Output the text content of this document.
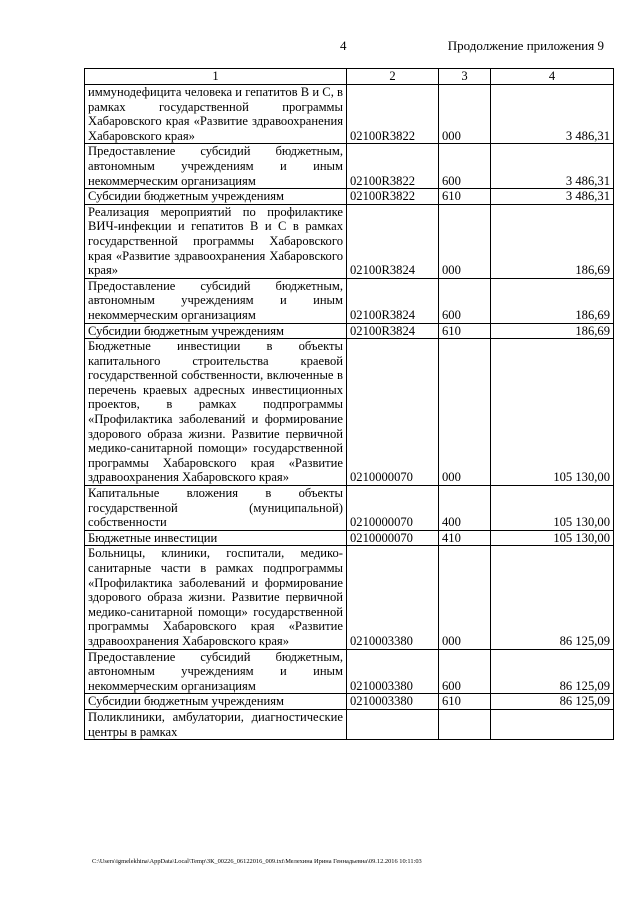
4	Продолжение приложения 9
1	2	3	4
иммунодефицита человека и гепатитов В и С, в рамках государственной программы Хабаровского края «Развитие здравоохранения Хабаровского края»	02100R3822	000	3 486,31
Предоставление субсидий бюджетным, автономным учреждениям и иным некоммерческим организациям	02100R3822	600	3 486,31
Субсидии бюджетным учреждениям	02100R3822	610	3 486,31
Реализация мероприятий по профилактике ВИЧ-инфекции и гепатитов В и С в рамках государственной программы Хабаровского края «Развитие здравоохранения Хабаровского края»	02100R3824	000	186,69
Предоставление субсидий бюджетным, автономным учреждениям и иным некоммерческим организациям	02100R3824	600	186,69
Субсидии бюджетным учреждениям	02100R3824	610	186,69
Бюджетные инвестиции в объекты капитального строительства краевой государственной собственности, включенные в перечень краевых адресных инвестиционных проектов, в рамках подпрограммы «Профилактика заболеваний и формирование здорового образа жизни. Развитие первичной медико-санитарной помощи» государственной программы Хабаровского края «Развитие здравоохранения Хабаровского края»	0210000070	000	105 130,00
Капитальные вложения в объекты государственной (муниципальной) собственности	0210000070	400	105 130,00
Бюджетные инвестиции	0210000070	410	105 130,00
Больницы, клиники, госпитали, медико-санитарные части в рамках подпрограммы «Профилактика заболеваний и формирование здорового образа жизни. Развитие первичной медико-санитарной помощи» государственной программы Хабаровского края «Развитие здравоохранения Хабаровского края»	0210003380	000	86 125,09
Предоставление субсидий бюджетным, автономным учреждениям и иным некоммерческим организациям	0210003380	600	86 125,09
Субсидии бюджетным учреждениям	0210003380	610	86 125,09
Поликлиники, амбулатории, диагностические центры в рамках			
C:\Users\igmelekhina\AppData\Local\Temp\ЗК_00226_06122016_009.txt\Мелехина Ирина Геннадьевна\09.12.2016 10:11:03
